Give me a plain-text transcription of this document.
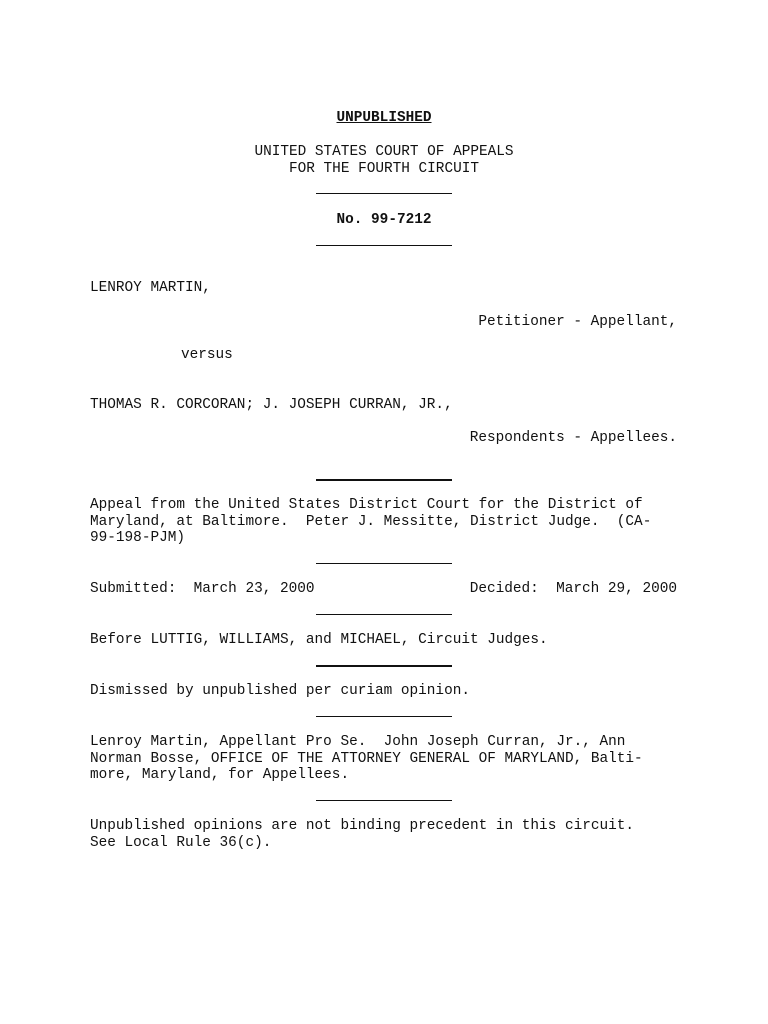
UNPUBLISHED
UNITED STATES COURT OF APPEALS
FOR THE FOURTH CIRCUIT
No. 99-7212
LENROY MARTIN,
Petitioner - Appellant,
versus
THOMAS R. CORCORAN; J. JOSEPH CURRAN, JR.,
Respondents - Appellees.
Appeal from the United States District Court for the District of
Maryland, at Baltimore.  Peter J. Messitte, District Judge.  (CA-
99-198-PJM)
Submitted:  March 23, 2000	Decided:  March 29, 2000
Before LUTTIG, WILLIAMS, and MICHAEL, Circuit Judges.
Dismissed by unpublished per curiam opinion.
Lenroy Martin, Appellant Pro Se.  John Joseph Curran, Jr., Ann
Norman Bosse, OFFICE OF THE ATTORNEY GENERAL OF MARYLAND, Balti-
more, Maryland, for Appellees.
Unpublished opinions are not binding precedent in this circuit.
See Local Rule 36(c).
